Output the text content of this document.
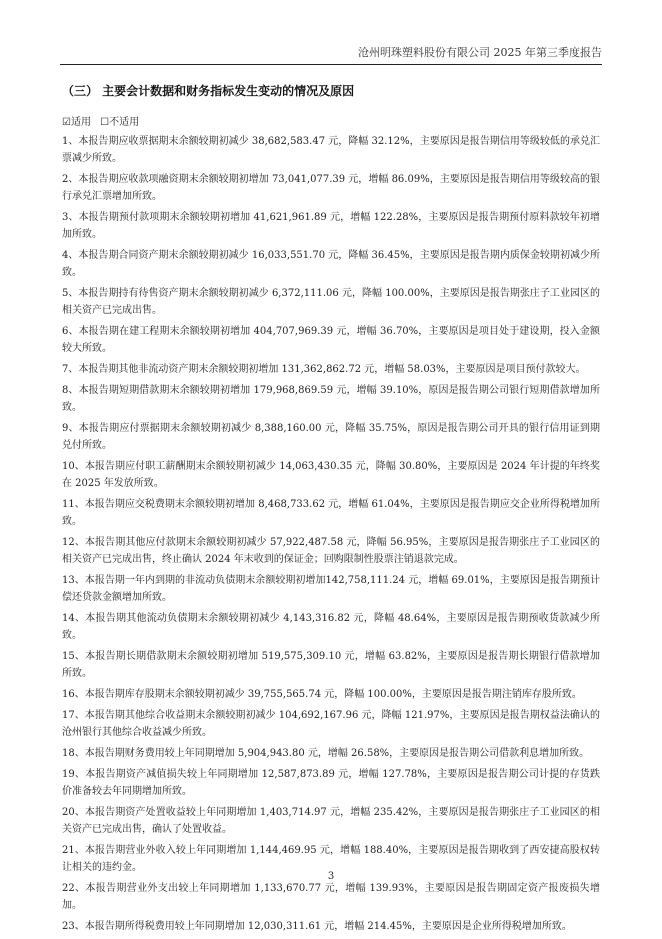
沧州明珠塑料股份有限公司 2025 年第三季度报告
（三） 主要会计数据和财务指标发生变动的情况及原因
☑适用 ☐不适用
1、本报告期应收票据期末余额较期初减少 38,682,583.47 元，降幅 32.12%，主要原因是报告期信用等级较低的承兑汇票减少所致。
2、本报告期应收款项融资期末余额较期初增加 73,041,077.39 元，增幅 86.09%，主要原因是报告期信用等级较高的银行承兑汇票增加所致。
3、本报告期预付款项期末余额较期初增加 41,621,961.89 元，增幅 122.28%，主要原因是报告期预付原料款较年初增加所致。
4、本报告期合同资产期末余额较期初减少 16,033,551.70 元，降幅 36.45%，主要原因是报告期内质保金较期初减少所致。
5、本报告期持有待售资产期末余额较期初减少 6,372,111.06 元，降幅 100.00%，主要原因是报告期张庄子工业园区的相关资产已完成出售。
6、本报告期在建工程期末余额较期初增加 404,707,969.39 元，增幅 36.70%，主要原因是项目处于建设期，投入金额较大所致。
7、本报告期其他非流动资产期末余额较期初增加 131,362,862.72 元，增幅 58.03%，主要原因是项目预付款较大。
8、本报告期短期借款期末余额较期初增加 179,968,869.59 元，增幅 39.10%，原因是报告期公司银行短期借款增加所致。
9、本报告期应付票据期末余额较期初减少 8,388,160.00 元，降幅 35.75%，原因是报告期公司开具的银行信用证到期兑付所致。
10、本报告期应付职工薪酬期末余额较期初减少 14,063,430.35 元，降幅 30.80%，主要原因是 2024 年计提的年终奖在 2025 年发放所致。
11、本报告期应交税费期末余额较期初增加 8,468,733.62 元，增幅 61.04%，主要原因是报告期应交企业所得税增加所致。
12、本报告期其他应付款期末余额较期初减少 57,922,487.58 元，降幅 56.95%，主要原因是报告期张庄子工业园区的相关资产已完成出售，终止确认 2024 年末收到的保证金；回购限制性股票注销退款完成。
13、本报告期一年内到期的非流动负债期末余额较期初增加142,758,111.24 元，增幅 69.01%，主要原因是报告期预计偿还贷款金额增加所致。
14、本报告期其他流动负债期末余额较期初减少 4,143,316.82 元，降幅 48.64%，主要原因是报告期预收货款减少所致。
15、本报告期长期借款期末余额较期初增加 519,575,309.10 元，增幅 63.82%，主要原因是报告期长期银行借款增加所致。
16、本报告期库存股期末余额较期初减少 39,755,565.74 元，降幅 100.00%，主要原因是报告期注销库存股所致。
17、本报告期其他综合收益期末余额较期初减少 104,692,167.96 元，降幅 121.97%，主要原因是报告期权益法确认的沧州银行其他综合收益减少所致。
18、本报告期财务费用较上年同期增加 5,904,943.80 元，增幅 26.58%，主要原因是报告期公司借款利息增加所致。
19、本报告期资产减值损失较上年同期增加 12,587,873.89 元，增幅 127.78%，主要原因是报告期公司计提的存货跌价准备较去年同期增加所致。
20、本报告期资产处置收益较上年同期增加 1,403,714.97 元，增幅 235.42%，主要原因是报告期张庄子工业园区的相关资产已完成出售，确认了处置收益。
21、本报告期营业外收入较上年同期增加 1,144,469.95 元，增幅 188.40%，主要原因是报告期收到了西安捷高股权转让相关的违约金。
22、本报告期营业外支出较上年同期增加 1,133,670.77 元，增幅 139.93%，主要原因是报告期固定资产报废损失增加。
23、本报告期所得税费用较上年同期增加 12,030,311.61 元，增幅 214.45%，主要原因是企业所得税增加所致。
3
